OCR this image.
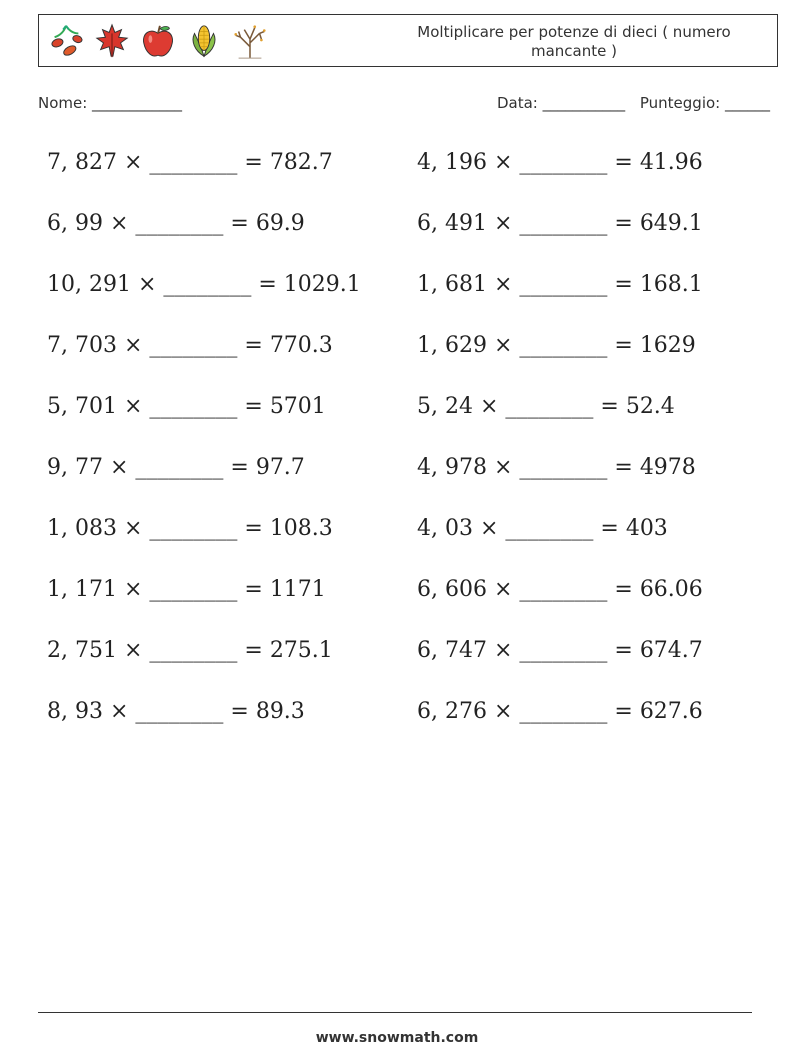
Moltiplicare per potenze di dieci ( numero mancante )
Nome: ____________	Data: ___________ Punteggio: ______
7, 827 × ________ = 782.7
6, 99 × ________ = 69.9
10, 291 × ________ = 1029.1
7, 703 × ________ = 770.3
5, 701 × ________ = 5701
9, 77 × ________ = 97.7
1, 083 × ________ = 108.3
1, 171 × ________ = 1171
2, 751 × ________ = 275.1
8, 93 × ________ = 89.3
4, 196 × ________ = 41.96
6, 491 × ________ = 649.1
1, 681 × ________ = 168.1
1, 629 × ________ = 1629
5, 24 × ________ = 52.4
4, 978 × ________ = 4978
4, 03 × ________ = 403
6, 606 × ________ = 66.06
6, 747 × ________ = 674.7
6, 276 × ________ = 627.6
www.snowmath.com
